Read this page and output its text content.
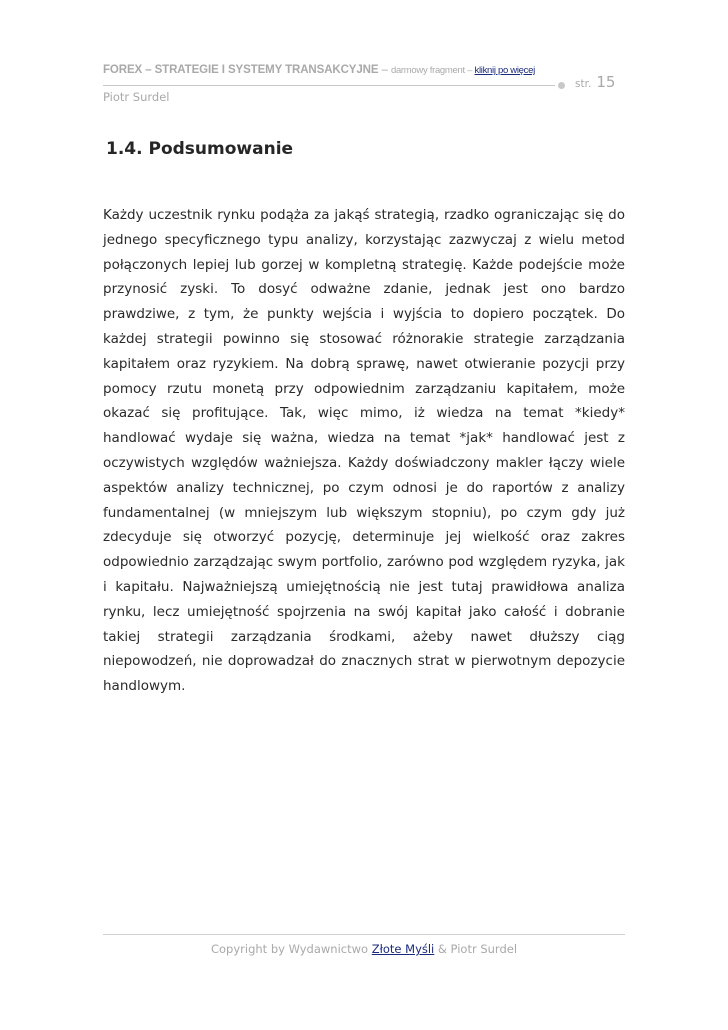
FOREX – STRATEGIE I SYSTEMY TRANSAKCYJNE – darmowy fragment – kliknij po więcej
str. 15
Piotr Surdel
1.4. Podsumowanie

Każdy uczestnik rynku podąża za jakąś strategią, rzadko ograniczając się do jednego specyficznego typu analizy, korzystając zazwyczaj z wielu metod połączonych lepiej lub gorzej w kompletną strategię. Każde podejście może przynosić zyski. To dosyć odważne zdanie, jednak jest ono bardzo prawdziwe, z tym, że punkty wejścia i wyjścia to dopiero początek. Do każdej strategii powinno się stosować różnorakie strategie zarządzania kapitałem oraz ryzykiem. Na dobrą sprawę, nawet otwieranie pozycji przy pomocy rzutu monetą przy odpowiednim zarządzaniu kapitałem, może okazać się profitujące. Tak, więc mimo, iż wiedza na temat *kiedy* handlować wydaje się ważna, wiedza na temat *jak* handlować jest z oczywistych względów ważniejsza. Każdy doświadczony makler łączy wiele aspektów analizy technicznej, po czym odnosi je do raportów z analizy fundamentalnej (w mniejszym lub większym stopniu), po czym gdy już zdecyduje się otworzyć pozycję, determinuje jej wielkość oraz zakres odpowiednio zarządzając swym portfolio, zarówno pod względem ryzyka, jak i kapitału. Najważniejszą umiejętnością nie jest tutaj prawidłowa analiza rynku, lecz umiejętność spojrzenia na swój kapitał jako całość i dobranie takiej strategii zarządzania środkami, ażeby nawet dłuższy ciąg niepowodzeń, nie doprowadzał do znacznych strat w pierwotnym depozycie handlowym.

Copyright by Wydawnictwo Złote Myśli & Piotr Surdel
